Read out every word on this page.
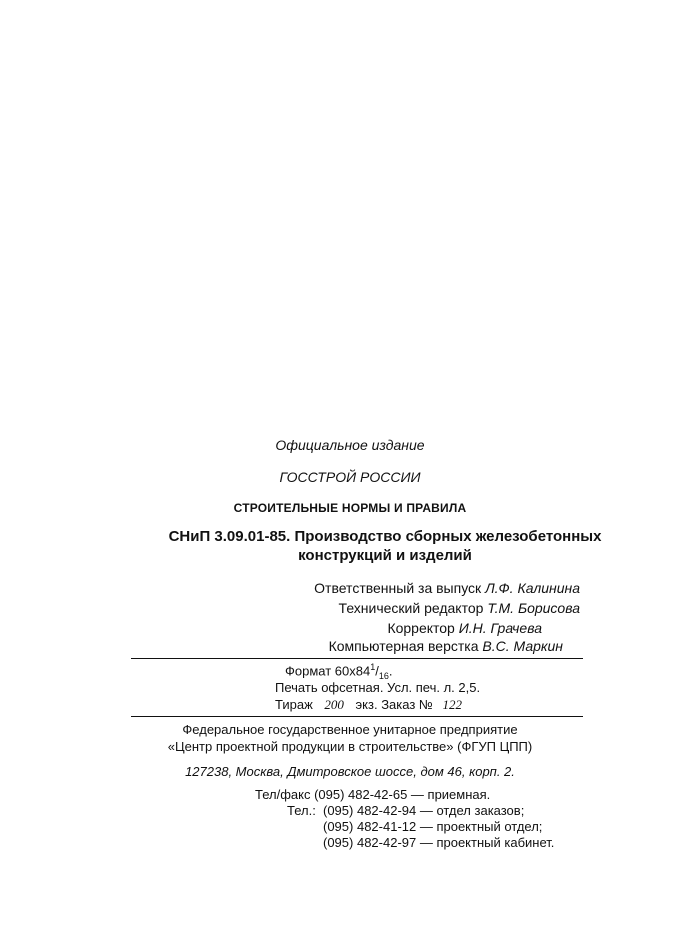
Официальное издание
ГОССТРОЙ РОССИИ
СТРОИТЕЛЬНЫЕ НОРМЫ И ПРАВИЛА
СНиП 3.09.01-85. Производство сборных железобетонных
конструкций и изделий
Ответственный за выпуск Л.Ф. Калинина
Технический редактор Т.М. Борисова
Корректор И.Н. Грачева
Компьютерная верстка В.С. Маркин
Формат $60х84^1/_{16}$.
Печать офсетная. Усл. печ. л. 2,5.
Тираж 200 экз. Заказ № 122
Федеральное государственное унитарное предприятие
«Центр проектной продукции в строительстве» (ФГУП ЦПП)
127238, Москва, Дмитровское шоссе, дом 46, корп. 2.
Тел/факс (095) 482-42-65 — приемная.
Тел.: (095) 482-42-94 — отдел заказов;
(095) 482-41-12 — проектный отдел;
(095) 482-42-97 — проектный кабинет.
